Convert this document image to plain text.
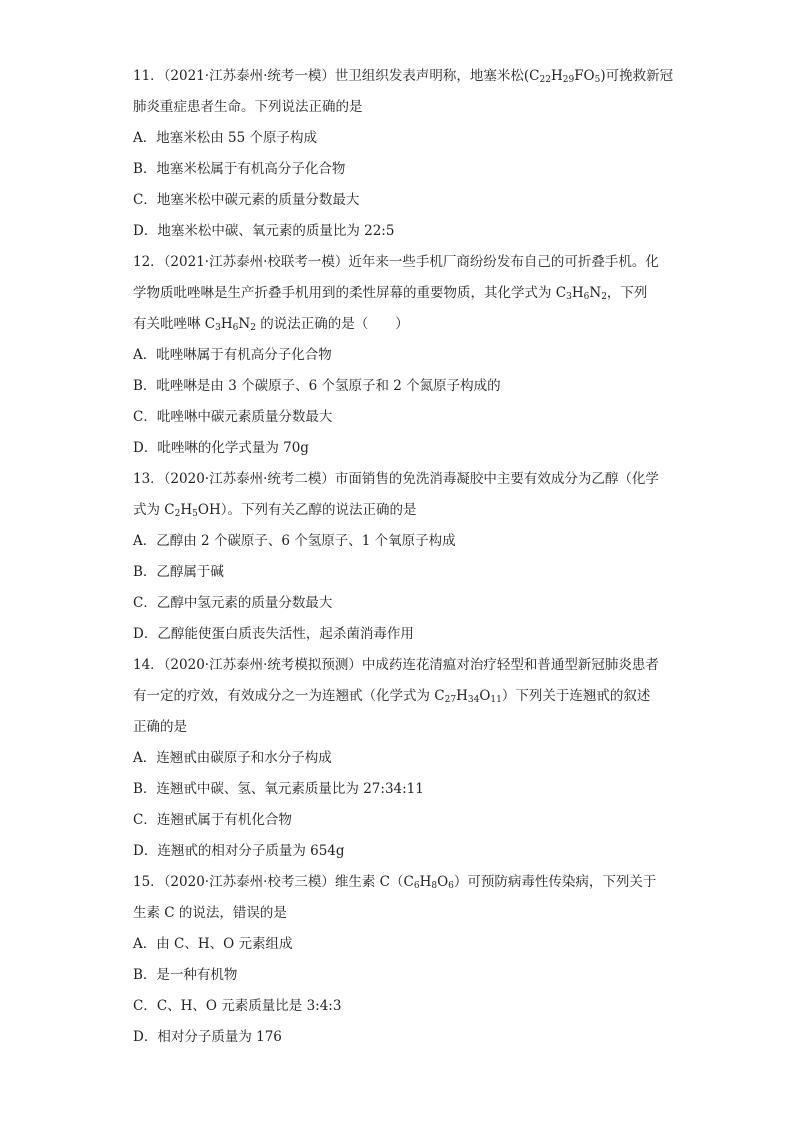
11．（2021·江苏泰州·统考一模）世卫组织发表声明称，地塞米松$(C_{22}H_{29}FO_5)$可挽救新冠
肺炎重症患者生命。下列说法正确的是
A．地塞米松由 55 个原子构成
B．地塞米松属于有机高分子化合物
C．地塞米松中碳元素的质量分数最大
D．地塞米松中碳、氧元素的质量比为 22:5
12．（2021·江苏泰州·校联考一模）近年来一些手机厂商纷纷发布自己的可折叠手机。化
学物质吡唑啉是生产折叠手机用到的柔性屏幕的重要物质，其化学式为 $C_3H_6N_2$，下列
有关吡唑啉 $C_3H_6N_2$ 的说法正确的是（　　）
A．吡唑啉属于有机高分子化合物
B．吡唑啉是由 3 个碳原子、6 个氢原子和 2 个氮原子构成的
C．吡唑啉中碳元素质量分数最大
D．吡唑啉的化学式量为 70g
13．（2020·江苏泰州·统考二模）市面销售的免洗消毒凝胶中主要有效成分为乙醇（化学
式为 $C_2H_5OH$）。下列有关乙醇的说法正确的是
A．乙醇由 2 个碳原子、6 个氢原子、1 个氧原子构成
B．乙醇属于碱
C．乙醇中氢元素的质量分数最大
D．乙醇能使蛋白质丧失活性，起杀菌消毒作用
14．（2020·江苏泰州·统考模拟预测）中成药连花清瘟对治疗轻型和普通型新冠肺炎患者
有一定的疗效，有效成分之一为连翘甙（化学式为 $C_{27}H_{34}O_{11}$）下列关于连翘甙的叙述
正确的是
A．连翘甙由碳原子和水分子构成
B．连翘甙中碳、氢、氧元素质量比为 27:34:11
C．连翘甙属于有机化合物
D．连翘甙的相对分子质量为 654g
15．（2020·江苏泰州·校考三模）维生素 $C(C_6H_8O_6)$可预防病毒性传染病，下列关于
生素 C 的说法，错误的是
A．由 C、H、O 元素组成
B．是一种有机物
C．C、H、O 元素质量比是 3:4:3
D．相对分子质量为 176
